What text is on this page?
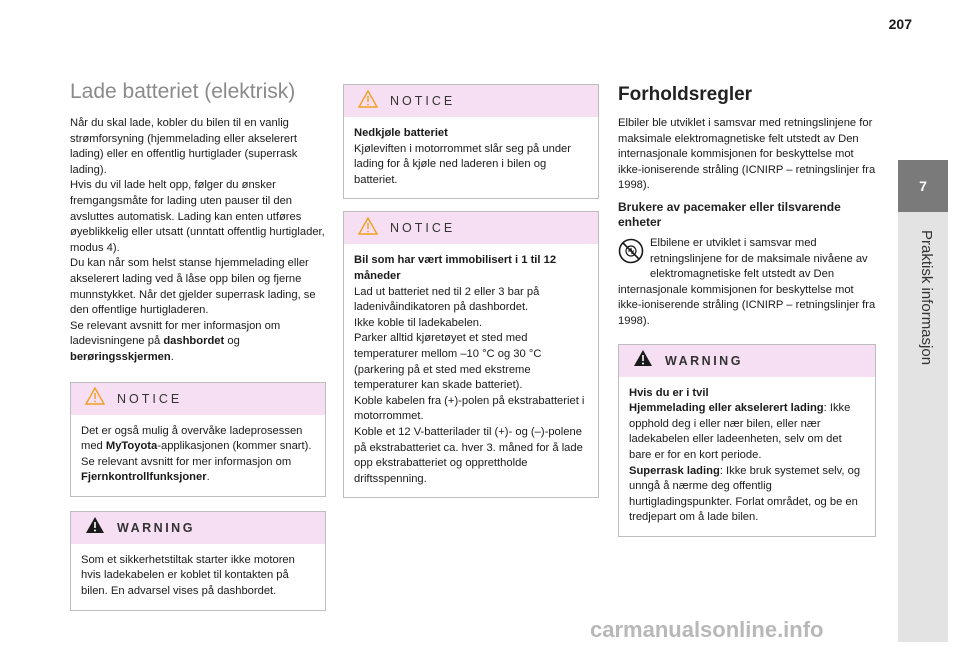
207
7
Praktisk informasjon
Lade batteriet (elektrisk)

Når du skal lade, kobler du bilen til en vanlig strømforsyning (hjemmelading eller akselerert lading) eller en offentlig hurtiglader (superrask lading).

Hvis du vil lade helt opp, følger du ønsker fremgangsmåte for lading uten pauser til den avsluttes automatisk. Lading kan enten utføres øyeblikkelig eller utsatt (unntatt offentlig hurtiglader, modus 4).

Du kan når som helst stanse hjemmelading eller akselerert lading ved å låse opp bilen og fjerne munnstykket. Når det gjelder superrask lading, se den offentlige hurtigladeren.

Se relevant avsnitt for mer informasjon om ladevisningene på dashbordet og berøringsskjermen.

NOTICE

Det er også mulig å overvåke ladeprosessen med MyToyota-applikasjonen (kommer snart).

Se relevant avsnitt for mer informasjon om Fjernkontrollfunksjoner.

WARNING

Som et sikkerhetstiltak starter ikke motoren hvis ladekabelen er koblet til kontakten på bilen. En advarsel vises på dashbordet.

NOTICE

Nedkjøle batteriet

Kjøleviften i motorrommet slår seg på under lading for å kjøle ned laderen i bilen og batteriet.

NOTICE

Bil som har vært immobilisert i 1 til 12 måneder

Lad ut batteriet ned til 2 eller 3 bar på ladenivåindikatoren på dashbordet.

Ikke koble til ladekabelen.

Parker alltid kjøretøyet et sted med temperaturer mellom –10 °C og 30 °C (parkering på et sted med ekstreme temperaturer kan skade batteriet).

Koble kabelen fra (+)-polen på ekstrabatteriet i motorrommet.

Koble et 12 V-batterilader til (+)- og (–)-polene på ekstrabatteriet ca. hver 3. måned for å lade opp ekstrabatteriet og opprettholde driftsspenning.

Forholdsregler

Elbiler ble utviklet i samsvar med retningslinjene for maksimale elektromagnetiske felt utstedt av Den internasjonale kommisjonen for beskyttelse mot ikke-ioniserende stråling (ICNIRP – retningslinjer fra 1998).

Brukere av pacemaker eller tilsvarende enheter

Elbilene er utviklet i samsvar med retningslinjene for de maksimale nivåene av elektromagnetiske felt utstedt av Den internasjonale kommisjonen for beskyttelse mot ikke-ioniserende stråling (ICNIRP – retningslinjer fra 1998).

WARNING

Hvis du er i tvil

Hjemmelading eller akselerert lading: Ikke opphold deg i eller nær bilen, eller nær ladekabelen eller ladeenheten, selv om det bare er for en kort periode.

Superrask lading: Ikke bruk systemet selv, og unngå å nærme deg offentlig hurtigladingspunkter. Forlat området, og be en tredjepart om å lade bilen.

carmanualsonline.info
